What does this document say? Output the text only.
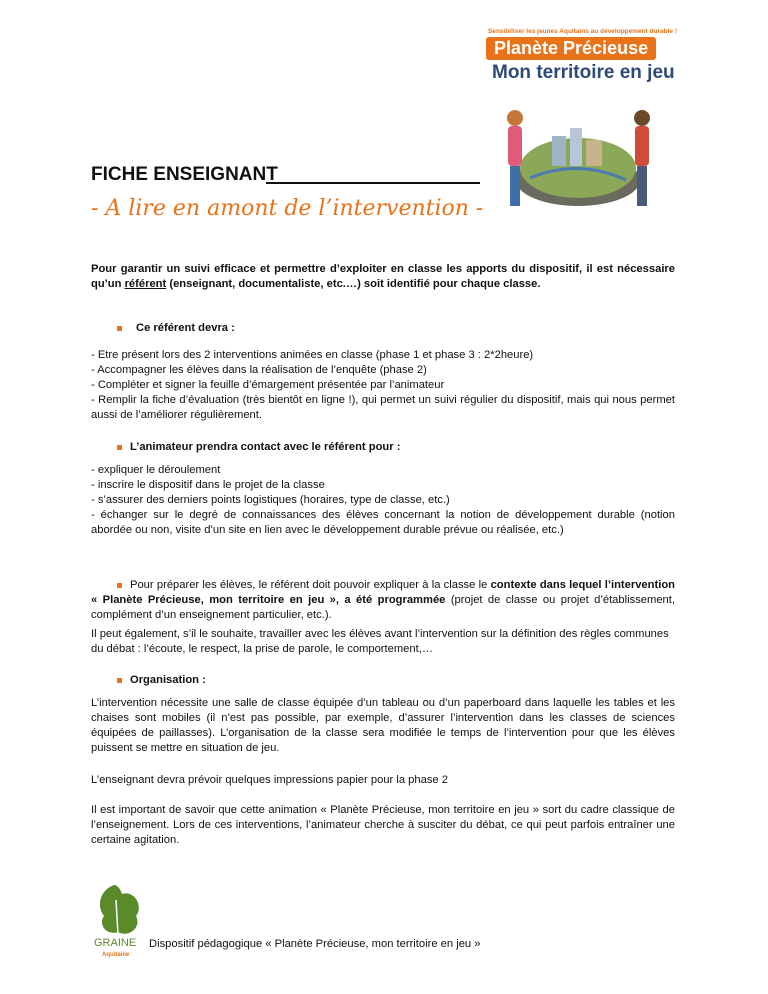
Sensibiliser les jeunes Aquitains au développement durable !
Planète Précieuse
Mon territoire en jeu
FICHE ENSEIGNANT
- A lire en amont de l’intervention -
Pour garantir un suivi efficace et permettre d’exploiter en classe les apports du dispositif, il est nécessaire qu’un référent (enseignant, documentaliste, etc.…) soit identifié pour chaque classe.
Ce référent devra :
- Etre présent lors des 2 interventions animées en classe (phase 1 et phase 3 : 2*2heure)
- Accompagner les élèves dans la réalisation de l’enquête (phase 2)
- Compléter et signer la feuille d’émargement présentée par l’animateur
- Remplir la fiche d’évaluation (très bientôt en ligne !), qui permet un suivi régulier du dispositif, mais qui nous permet aussi de l’améliorer régulièrement.
L’animateur prendra contact avec le référent pour :
- expliquer le déroulement
- inscrire le dispositif dans le projet de la classe
- s’assurer des derniers points logistiques (horaires, type de classe, etc.)
- échanger sur le degré de connaissances des élèves concernant la notion de développement durable (notion abordée ou non, visite d’un site en lien avec le développement durable prévue ou réalisée, etc.)
Pour préparer les élèves, le référent doit pouvoir expliquer à la classe le contexte dans lequel l’intervention « Planète Précieuse, mon territoire en jeu », a été programmée (projet de classe ou projet d’établissement, complément d’un enseignement particulier, etc.).
Il peut également, s’il le souhaite, travailler avec les élèves avant l’intervention sur la définition des règles communes du débat : l’écoute, le respect, la prise de parole, le comportement,…
Organisation :
L’intervention nécessite une salle de classe équipée d’un tableau ou d’un paperboard dans laquelle les tables et les chaises sont mobiles (il n’est pas possible, par exemple, d’assurer l’intervention dans les classes de sciences équipées de paillasses). L’organisation de la classe sera modifiée le temps de l’intervention pour que les élèves puissent se mettre en situation de jeu.
L’enseignant devra prévoir quelques impressions papier pour la phase 2
Il est important de savoir que cette animation « Planète Précieuse, mon territoire en jeu » sort du cadre classique de l’enseignement. Lors de ces interventions, l’animateur cherche à susciter du débat, ce qui peut parfois entraîner une certaine agitation.
GRAINE
Aquitaine
Dispositif pédagogique « Planète Précieuse, mon territoire en jeu »
